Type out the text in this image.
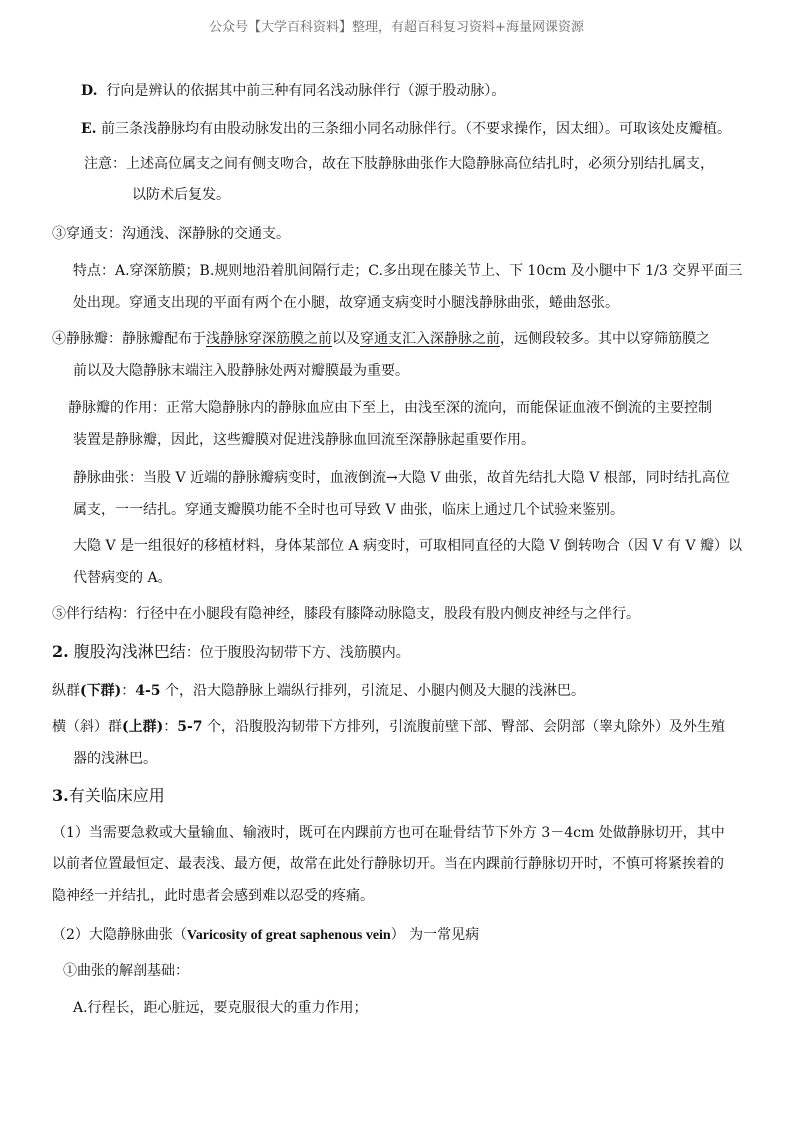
公众号【大学百科资料】整理，有超百科复习资料+海量网课资源
D. 行向是辨认的依据其中前三种有同名浅动脉伴行（源于股动脉）。
E. 前三条浅静脉均有由股动脉发出的三条细小同名动脉伴行。（不要求操作，因太细）。可取该处皮瓣植。
注意：上述高位属支之间有侧支吻合，故在下肢静脉曲张作大隐静脉高位结扎时，必须分别结扎属支，
以防术后复发。
③穿通支：沟通浅、深静脉的交通支。
特点：A.穿深筋膜；B.规则地沿着肌间隔行走；C.多出现在膝关节上、下 10cm 及小腿中下 1/3 交界平面三
处出现。穿通支出现的平面有两个在小腿，故穿通支病变时小腿浅静脉曲张，蜷曲怒张。
④静脉瓣：静脉瓣配布于浅静脉穿深筋膜之前以及穿通支汇入深静脉之前，远侧段较多。其中以穿筛筋膜之
前以及大隐静脉末端注入股静脉处两对瓣膜最为重要。
静脉瓣的作用：正常大隐静脉内的静脉血应由下至上，由浅至深的流向，而能保证血液不倒流的主要控制
装置是静脉瓣，因此，这些瓣膜对促进浅静脉血回流至深静脉起重要作用。
静脉曲张：当股 V 近端的静脉瓣病变时，血液倒流→大隐 V 曲张，故首先结扎大隐 V 根部，同时结扎高位
属支，一一结扎。穿通支瓣膜功能不全时也可导致 V 曲张，临床上通过几个试验来鉴别。
大隐 V 是一组很好的移植材料，身体某部位 A 病变时，可取相同直径的大隐 V 倒转吻合（因 V 有 V 瓣）以
代替病变的 A。
⑤伴行结构：行径中在小腿段有隐神经，膝段有膝降动脉隐支，股段有股内侧皮神经与之伴行。
2. 腹股沟浅淋巴结：位于腹股沟韧带下方、浅筋膜内。
纵群(下群)：4-5 个，沿大隐静脉上端纵行排列，引流足、小腿内侧及大腿的浅淋巴。
横（斜）群(上群)：5-7 个，沿腹股沟韧带下方排列，引流腹前壁下部、臀部、会阴部（睾丸除外）及外生殖
器的浅淋巴。
3.有关临床应用
（1）当需要急救或大量输血、输液时，既可在内踝前方也可在耻骨结节下外方 3－4cm 处做静脉切开，其中
以前者位置最恒定、最表浅、最方便，故常在此处行静脉切开。当在内踝前行静脉切开时，不慎可将紧挨着的
隐神经一并结扎，此时患者会感到难以忍受的疼痛。
（2）大隐静脉曲张（Varicosity of great saphenous vein） 为一常见病
①曲张的解剖基础：
A.行程长，距心脏远，要克服很大的重力作用；
